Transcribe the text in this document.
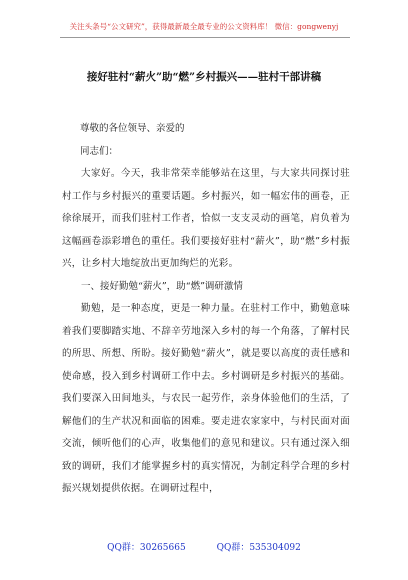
关注头条号“公文研究”，获得最新最全最专业的公文资料库！ 微信：gongwenyj
接好驻村“薪火”助“燃”乡村振兴——驻村干部讲稿
尊敬的各位领导、亲爱的
同志们：

大家好。今天，我非常荣幸能够站在这里，与大家共同探讨驻村工作与乡村振兴的重要话题。乡村振兴，如一幅宏伟的画卷，正徐徐展开，而我们驻村工作者，恰似一支支灵动的画笔，肩负着为这幅画卷添彩增色的重任。我们要接好驻村“薪火”，助“燃”乡村振兴，让乡村大地绽放出更加绚烂的光彩。

一、接好勤勉“薪火”，助“燃”调研激情

勤勉，是一种态度，更是一种力量。在驻村工作中，勤勉意味着我们要脚踏实地、不辞辛劳地深入乡村的每一个角落，了解村民的所思、所想、所盼。接好勤勉“薪火”，就是要以高度的责任感和使命感，投入到乡村调研工作中去。乡村调研是乡村振兴的基础。我们要深入田间地头，与农民一起劳作，亲身体验他们的生活，了解他们的生产状况和面临的困难。要走进农家家中，与村民面对面交流，倾听他们的心声，收集他们的意见和建议。只有通过深入细致的调研，我们才能掌握乡村的真实情况，为制定科学合理的乡村振兴规划提供依据。在调研过程中，

QQ群：30265665	QQ群：535304092
